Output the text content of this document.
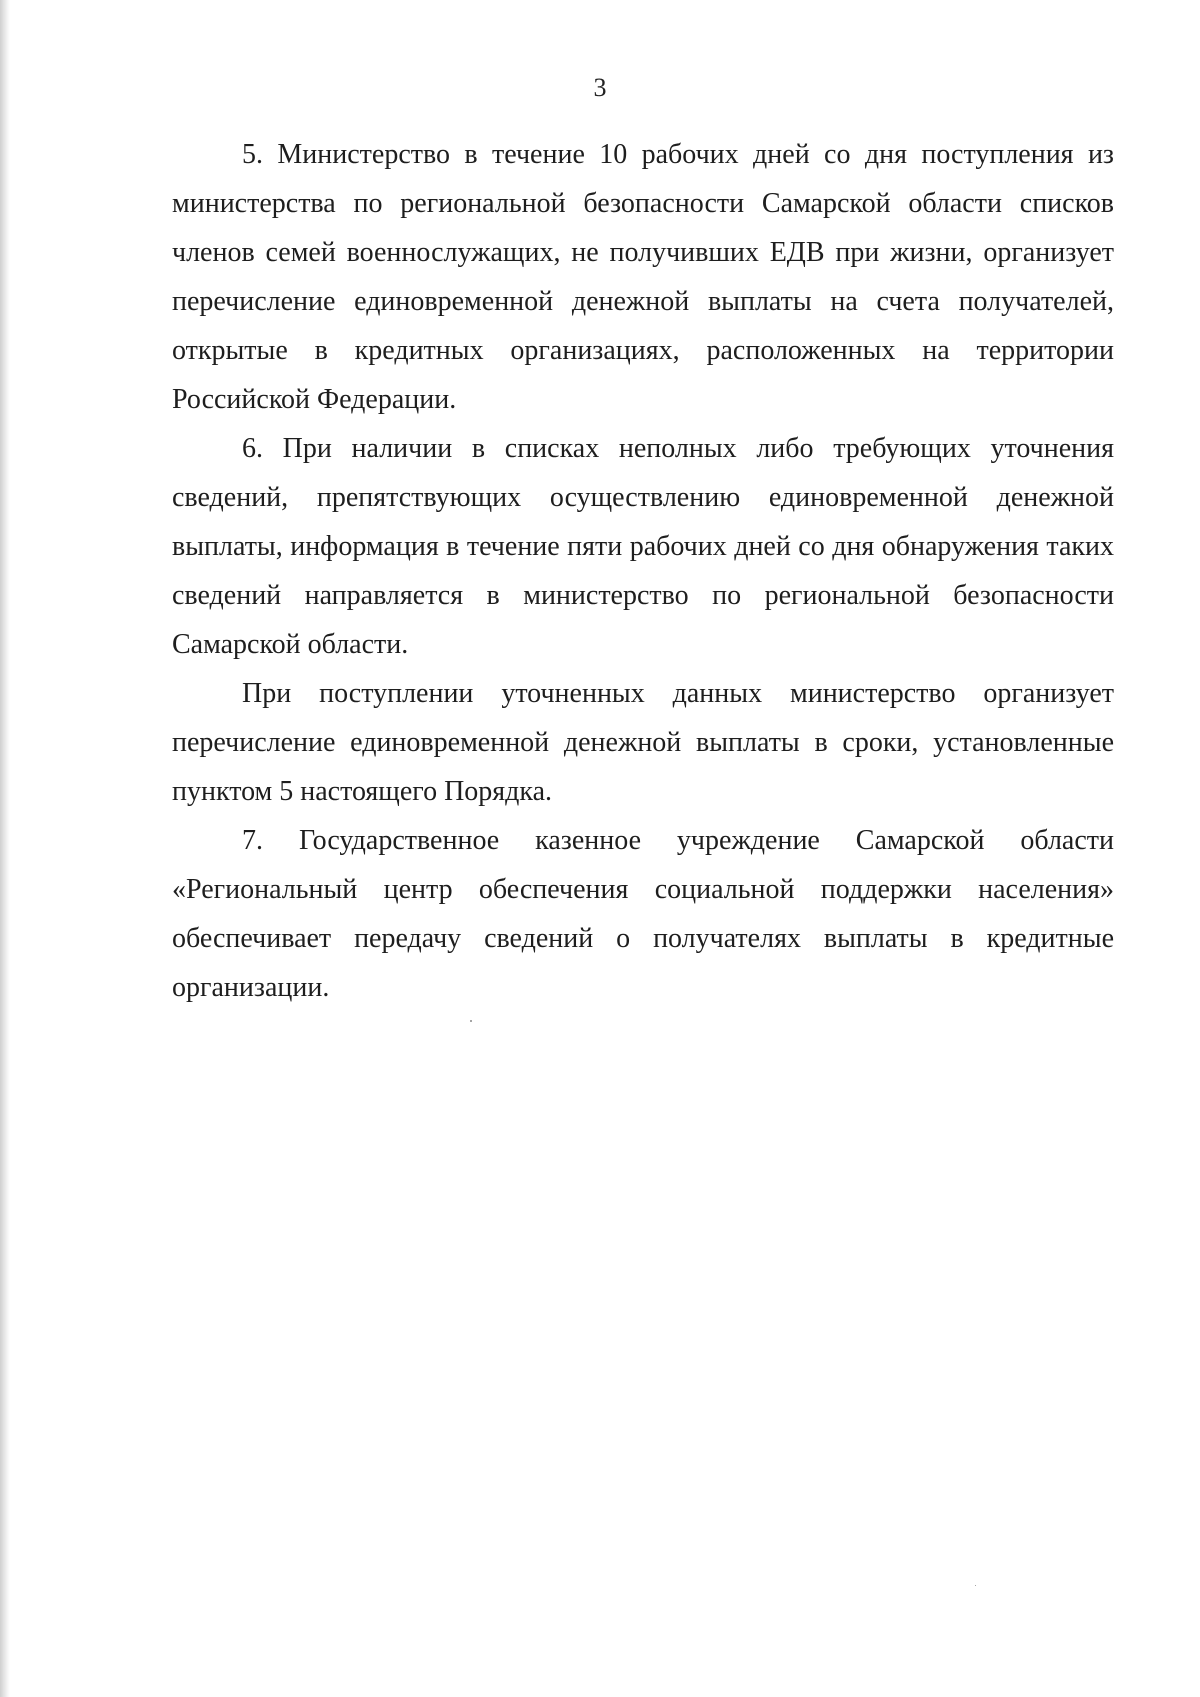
3

5. Министерство в течение 10 рабочих дней со дня поступления из министерства по региональной безопасности Самарской области списков членов семей военнослужащих, не получивших ЕДВ при жизни, организует перечисление единовременной денежной выплаты на счета получателей, открытые в кредитных организациях, расположенных на территории Российской Федерации.

6. При наличии в списках неполных либо требующих уточнения сведений, препятствующих осуществлению единовременной денежной выплаты, информация в течение пяти рабочих дней со дня обнаружения таких сведений направляется в министерство по региональной безопасности Самарской области.

При поступлении уточненных данных министерство организует перечисление единовременной денежной выплаты в сроки, установленные пунктом 5 настоящего Порядка.

7. Государственное казенное учреждение Самарской области «Региональный центр обеспечения социальной поддержки населения» обеспечивает передачу сведений о получателях выплаты в кредитные организации.
